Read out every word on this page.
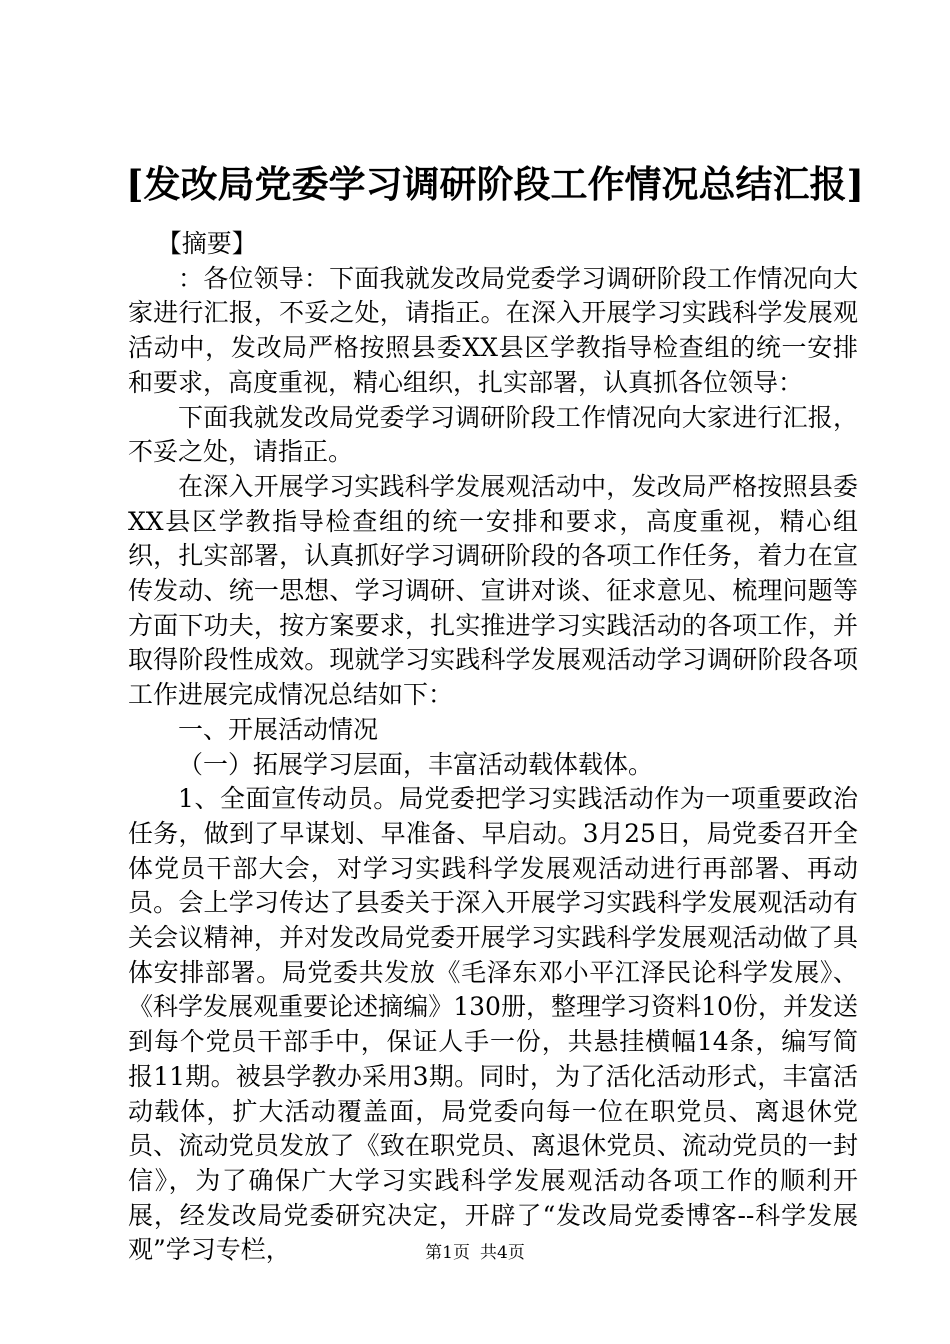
[发改局党委学习调研阶段工作情况总结汇报]

【摘要】

：各位领导：下面我就发改局党委学习调研阶段工作情况向大家进行汇报，不妥之处，请指正。在深入开展学习实践科学发展观活动中，发改局严格按照县委XX县区学教指导检查组的统一安排和要求，高度重视，精心组织，扎实部署，认真抓各位领导：

下面我就发改局党委学习调研阶段工作情况向大家进行汇报，不妥之处，请指正。

在深入开展学习实践科学发展观活动中，发改局严格按照县委XX县区学教指导检查组的统一安排和要求，高度重视，精心组织，扎实部署，认真抓好学习调研阶段的各项工作任务，着力在宣传发动、统一思想、学习调研、宣讲对谈、征求意见、梳理问题等方面下功夫，按方案要求，扎实推进学习实践活动的各项工作，并取得阶段性成效。现就学习实践科学发展观活动学习调研阶段各项工作进展完成情况总结如下：

一、开展活动情况

（一）拓展学习层面，丰富活动载体载体。

1、全面宣传动员。局党委把学习实践活动作为一项重要政治任务，做到了早谋划、早准备、早启动。3月25日，局党委召开全体党员干部大会，对学习实践科学发展观活动进行再部署、再动员。会上学习传达了县委关于深入开展学习实践科学发展观活动有关会议精神，并对发改局党委开展学习实践科学发展观活动做了具体安排部署。局党委共发放《毛泽东邓小平江泽民论科学发展》、《科学发展观重要论述摘编》130册，整理学习资料10份，并发送到每个党员干部手中，保证人手一份，共悬挂横幅14条，编写简报11期。被县学教办采用3期。同时，为了活化活动形式，丰富活动载体，扩大活动覆盖面，局党委向每一位在职党员、离退休党员、流动党员发放了《致在职党员、离退休党员、流动党员的一封信》，为了确保广大学习实践科学发展观活动各项工作的顺利开展，经发改局党委研究决定，开辟了“发改局党委博客--科学发展观”学习专栏，	第1页 共4页
